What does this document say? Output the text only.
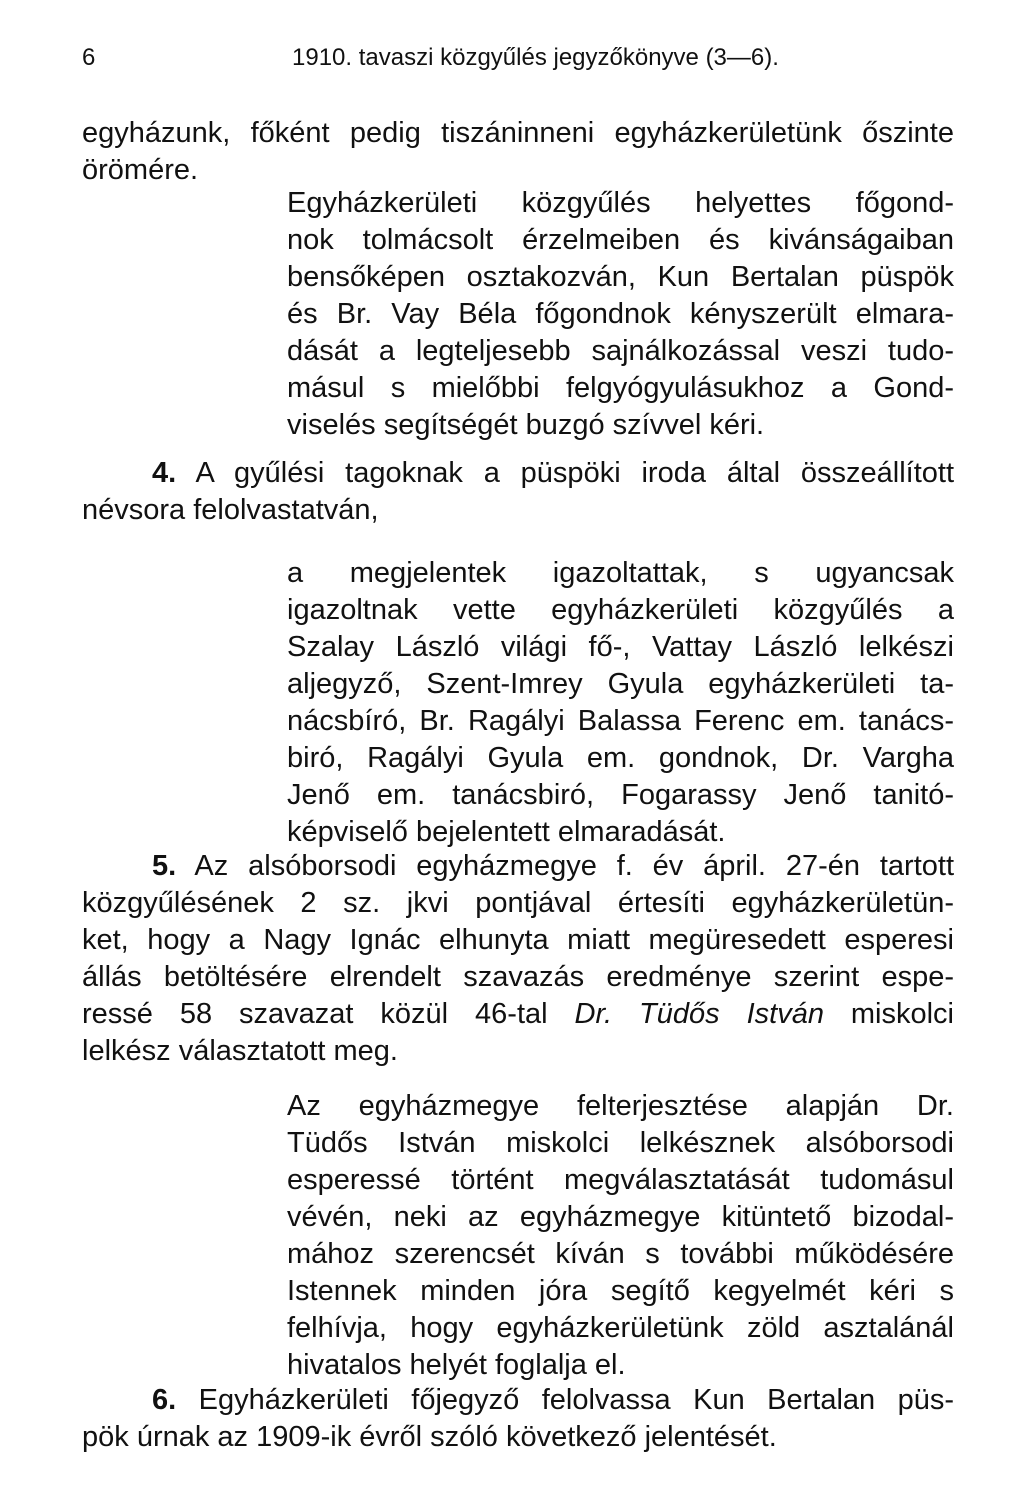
6	1910. tavaszi közgyűlés jegyzőkönyve (3—6).
egyházunk, főként pedig tiszáninneni egyházkerületünk őszinte
örömére.
Egyházkerületi közgyűlés helyettes főgond-
nok tolmácsolt érzelmeiben és kivánságaiban
bensőképen osztakozván, Kun Bertalan püspök
és Br. Vay Béla főgondnok kényszerült elmara-
dását a legteljesebb sajnálkozással veszi tudo-
másul s mielőbbi felgyógyulásukhoz a Gond-
viselés segítségét buzgó szívvel kéri.
4. A gyűlési tagoknak a püspöki iroda által összeállított
névsora felolvastatván,
a megjelentek igazoltattak, s ugyancsak
igazoltnak vette egyházkerületi közgyűlés a
Szalay László világi fő-, Vattay László lelkészi
aljegyző, Szent-Imrey Gyula egyházkerületi ta-
nácsbíró, Br. Ragályi Balassa Ferenc em. tanács-
biró, Ragályi Gyula em. gondnok, Dr. Vargha
Jenő em. tanácsbiró, Fogarassy Jenő tanitó-
képviselő bejelentett elmaradását.
5. Az alsóborsodi egyházmegye f. év ápril. 27-én tartott
közgyűlésének 2 sz. jkvi pontjával értesíti egyházkerületün-
ket, hogy a Nagy Ignác elhunyta miatt megüresedett esperesi
állás betöltésére elrendelt szavazás eredménye szerint espe-
ressé 58 szavazat közül 46-tal Dr. Tüdős István miskolci
lelkész választatott meg.
Az egyházmegye felterjesztése alapján Dr.
Tüdős István miskolci lelkésznek alsóborsodi
esperessé történt megválasztatását tudomásul
vévén, neki az egyházmegye kitüntető bizodal-
mához szerencsét kíván s további működésére
Istennek minden jóra segítő kegyelmét kéri s
felhívja, hogy egyházkerületünk zöld asztalánál
hivatalos helyét foglalja el.
6. Egyházkerületi főjegyző felolvassa Kun Bertalan püs-
pök úrnak az 1909-ik évről szóló következő jelentését.
